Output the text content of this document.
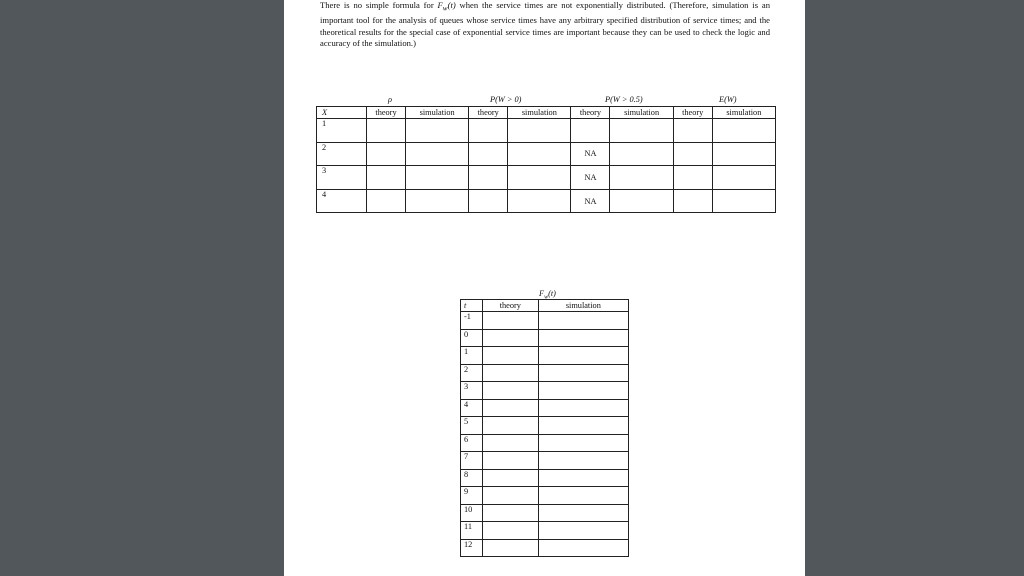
There is no simple formula for $F_w(t)$ when the service times are not exponentially distributed. (Therefore, simulation is an important tool for the analysis of queues whose service times have any arbitrary specified distribution of service times; and the theoretical results for the special case of exponential service times are important because they can be used to check the logic and accuracy of the simulation.)

ρ	P(W > 0)	P(W > 0.5)	E(W)
X	theory	simulation	theory	simulation	theory	simulation	theory	simulation
1								
2					NA			
3					NA			
4					NA			
$F_w(t)$
t	theory	simulation
-1		
0		
1		
2		
3		
4		
5		
6		
7		
8		
9		
10		
11		
12		
